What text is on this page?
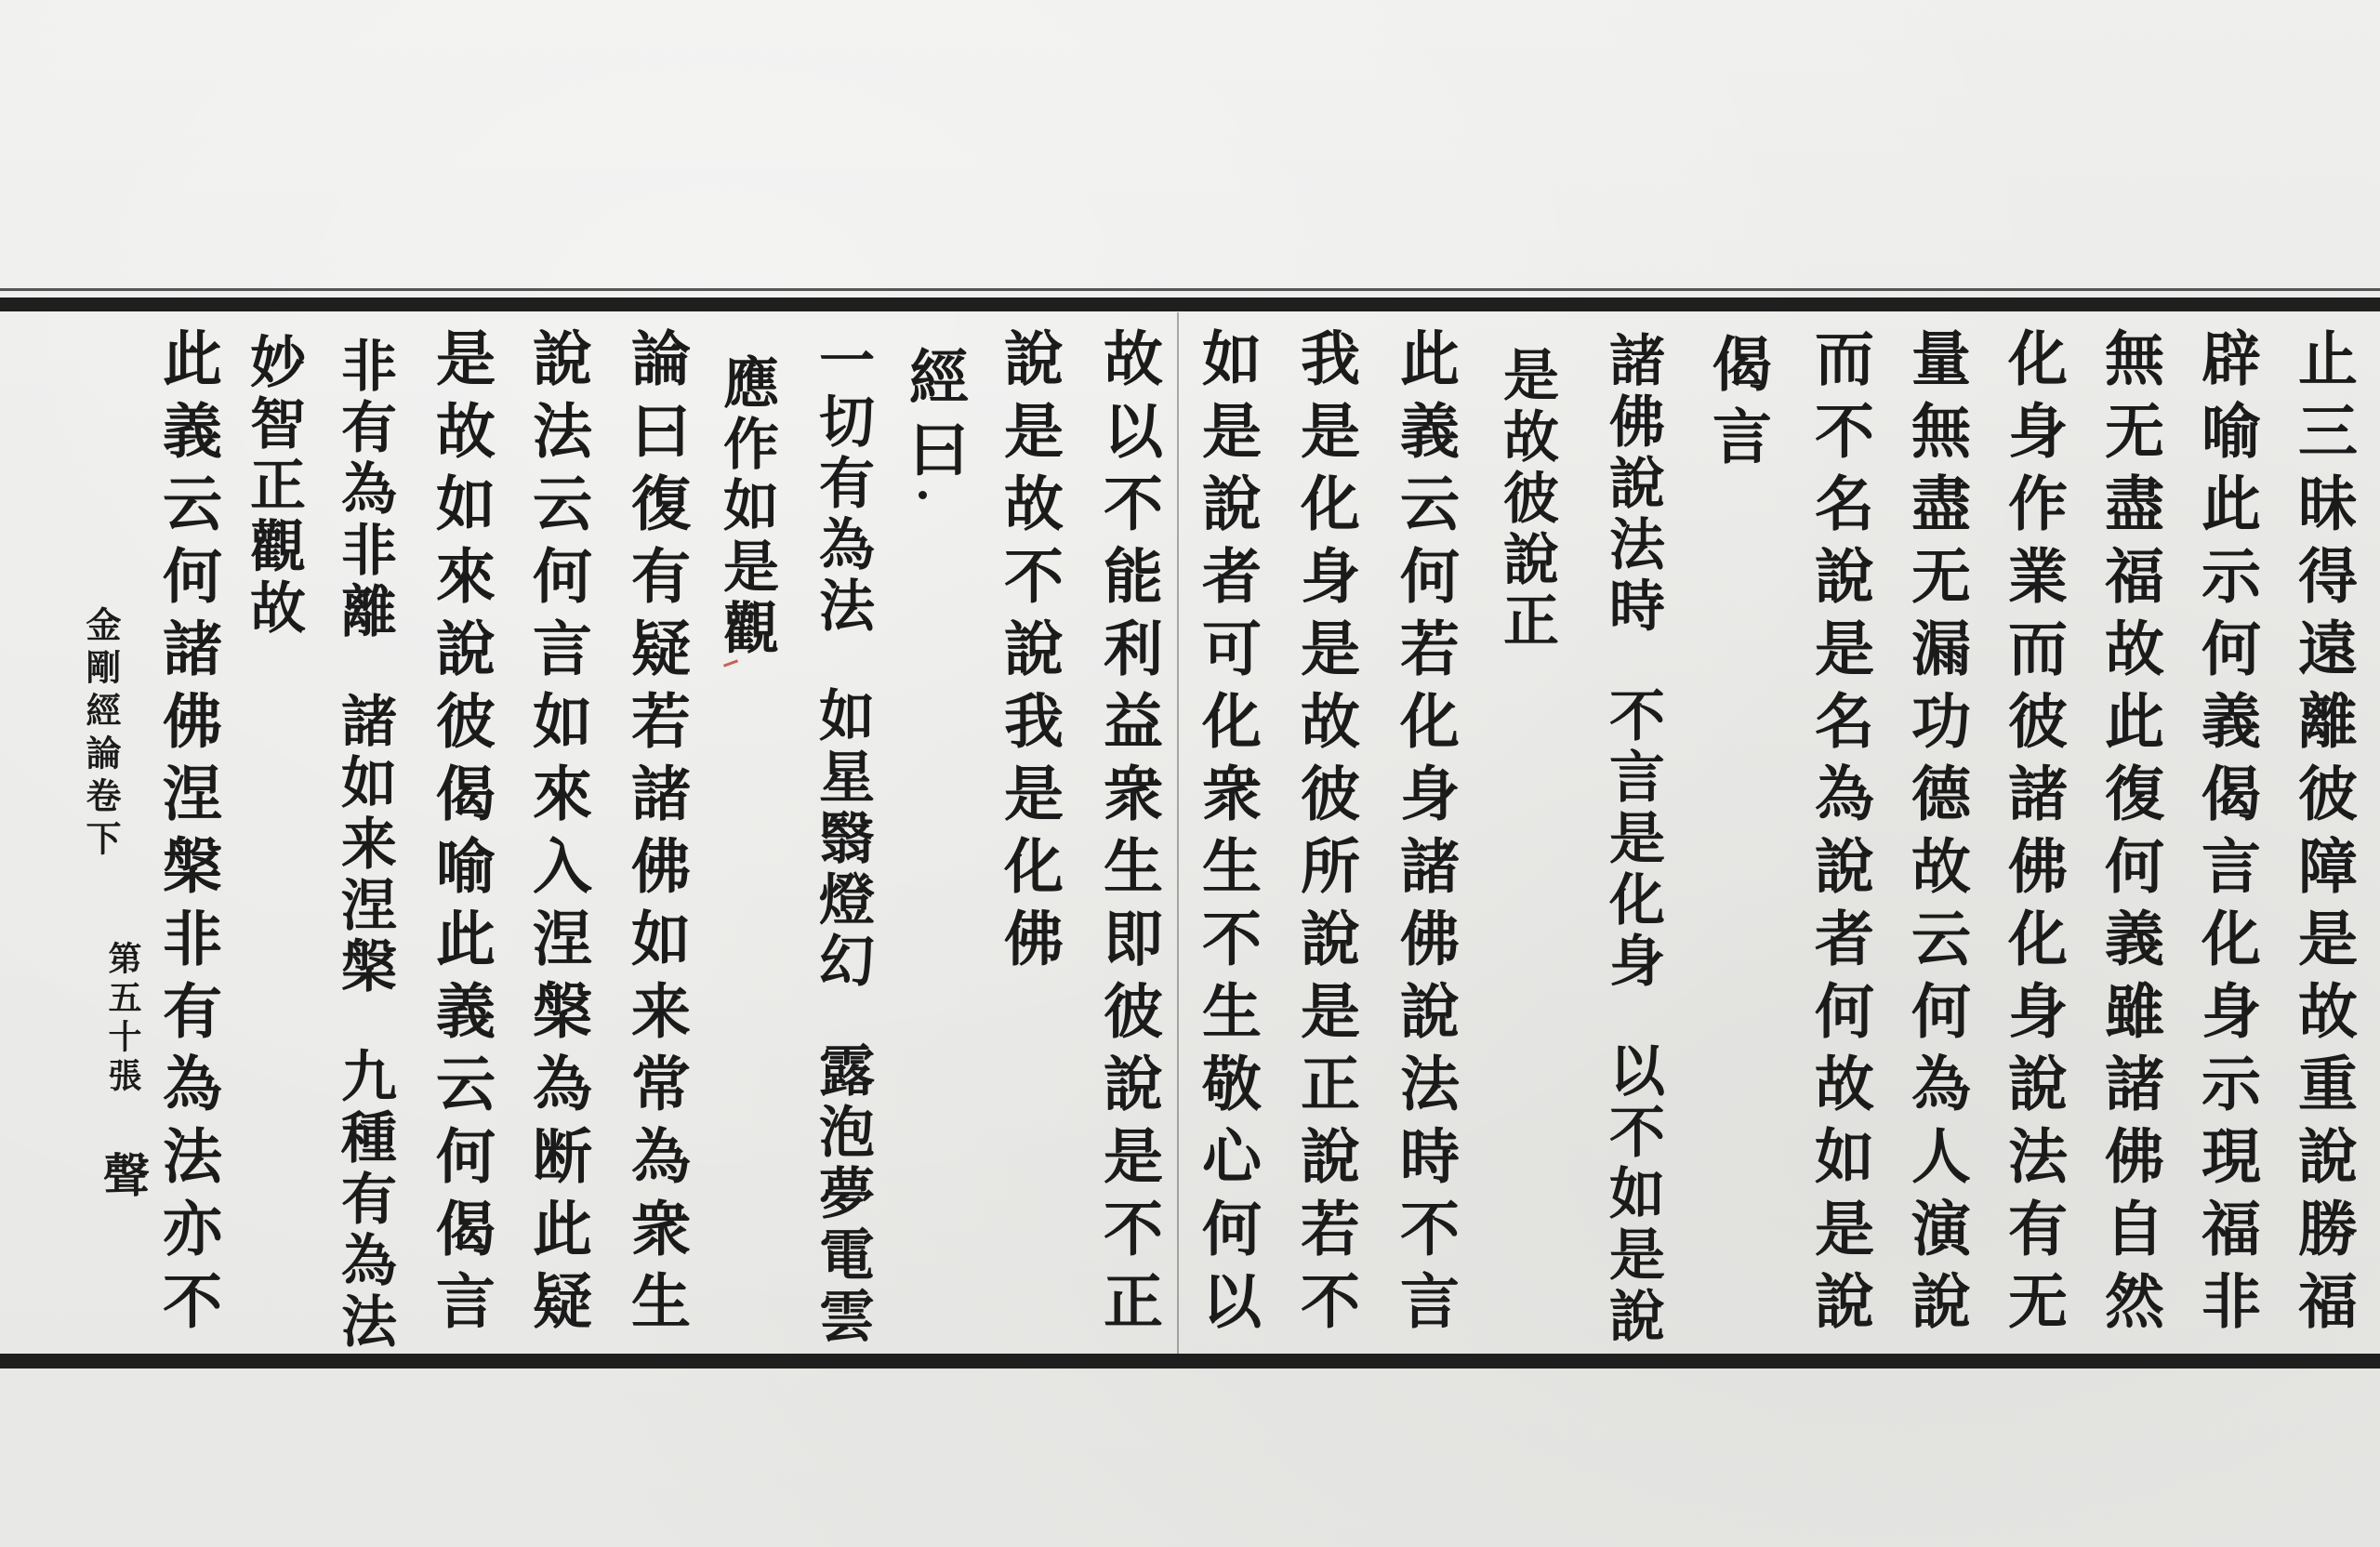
止三昧得遠離彼障是故重說勝福
辟喻此示何義偈言化身示現福非
無无盡福故此復何義雖諸佛自然
化身作業而彼諸佛化身說法有无
量無盡无漏功德故云何為人演說
而不名說是名為說者何故如是說
偈言
諸佛說法時
不言是化身
以不如是說
是故彼說正
此義云何若化身諸佛說法時不言
我是化身是故彼所說是正說若不
如是說者可化衆生不生敬心何以
故以不能利益衆生即彼說是不正
說是故不說我是化佛
經曰
一切有為法
如星翳燈幻
露泡夢電雲
應作如是觀
論曰復有疑若諸佛如来常為衆生
說法云何言如來入涅槃為断此疑
是故如來說彼偈喻此義云何偈言
非有為非離
諸如来涅槃
九種有為法
妙智正觀故
此義云何諸佛涅槃非有為法亦不
金剛經論卷下
第五十張
聲
